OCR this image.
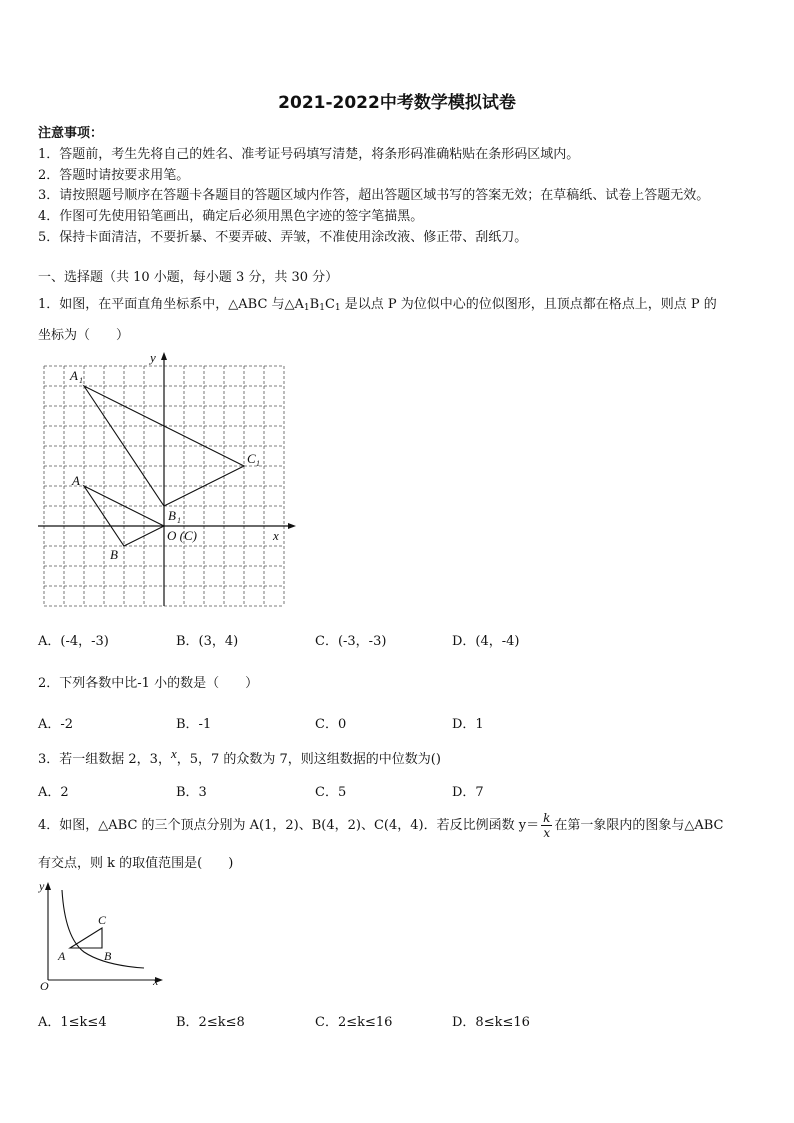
2021-2022中考数学模拟试卷
注意事项：
1．答题前，考生先将自己的姓名、准考证号码填写清楚，将条形码准确粘贴在条形码区域内。
2．答题时请按要求用笔。
3．请按照题号顺序在答题卡各题目的答题区域内作答，超出答题区域书写的答案无效；在草稿纸、试卷上答题无效。
4．作图可先使用铅笔画出，确定后必须用黑色字迹的签字笔描黑。
5．保持卡面清洁，不要折暴、不要弄破、弄皱，不准使用涂改液、修正带、刮纸刀。
一、选择题（共 10 小题，每小题 3 分，共 30 分）
1．如图，在平面直角坐标系中，△ABC 与$\triangle A_1B_1C_1$ 是以点 P 为位似中心的位似图形，且顶点都在格点上，则点 P 的
坐标为（　　）
A 1
A
B
B 1
C 1
O (C)	x
y
A．(-4，-3)	B．(3，4)	C．(-3，-3)	D．(4，-4)
2．下列各数中比-1 小的数是（　　）
A．-2	B．-1	C．0	D．1
3．若一组数据 2，3，x，5，7 的众数为 7，则这组数据的中位数为()
A．2	B．3	C．5	D．7
4．如图，△ABC 的三个顶点分别为 A(1，2)、B(4，2)、C(4，4)．若反比例函数 $y= \frac{k}{x}$ 在第一象限内的图象与△ABC
有交点，则 k 的取值范围是(　　)
y
x
O
A	B
C
A．1≤k≤4	B．2≤k≤8	C．2≤k≤16	D．8≤k≤16
